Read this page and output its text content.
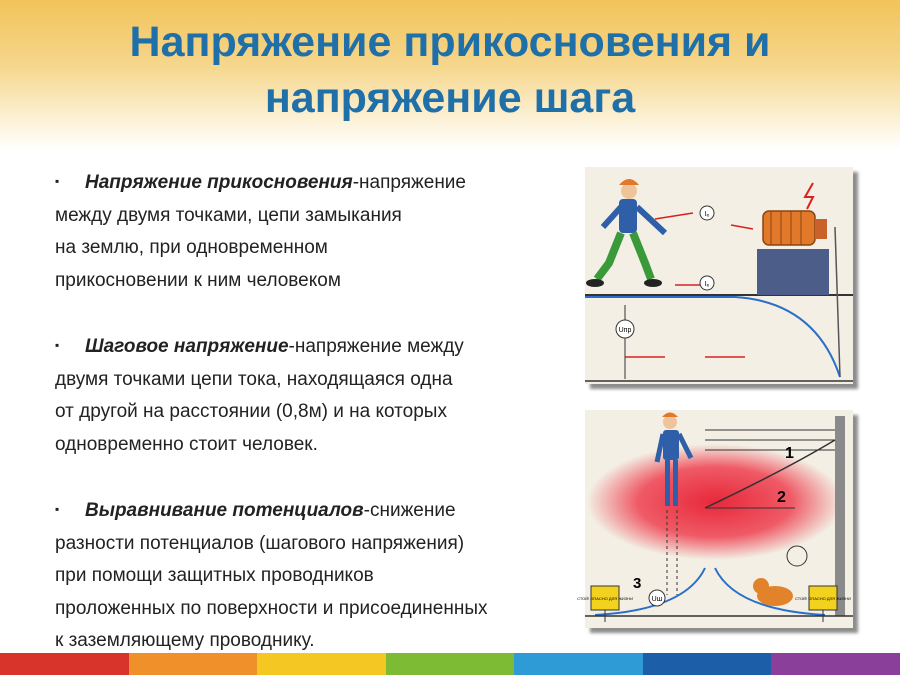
Напряжение прикосновения и
напряжение шага
▪ Напряжение прикосновения-напряжение
между двумя точками, цепи замыкания
на землю, при одновременном
прикосновении к ним человеком
▪ Шаговое напряжение-напряжение между
двумя точками цепи тока, находящаяся одна
от другой на расстоянии (0,8м) и на которых
одновременно стоит человек.
▪ Выравнивание потенциалов-снижение
разности потенциалов (шагового напряжения)
при помощи защитных проводников
проложенных по поверхности и присоединенных
к заземляющему проводнику.
Iₑ
Iₑ
Uпр
1
2
3
Uш
СТОЙ! ОПАСНО ДЛЯ ЖИЗНИ	СТОЙ! ОПАСНО ДЛЯ ЖИЗНИ
